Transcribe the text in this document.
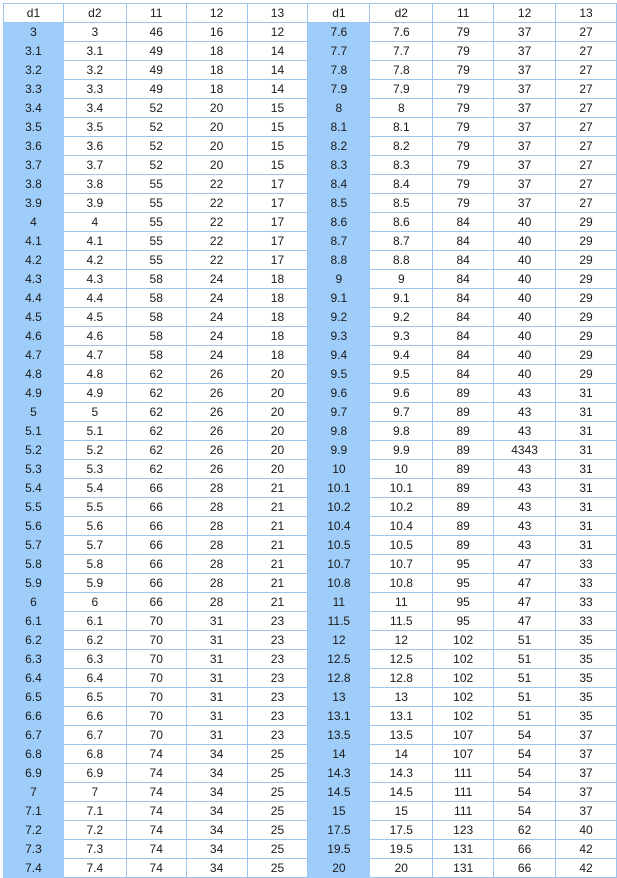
d1	d2	11	12	13	d1	d2	11	12	13
3	3	46	16	12	7.6	7.6	79	37	27
3.1	3.1	49	18	14	7.7	7.7	79	37	27
3.2	3.2	49	18	14	7.8	7.8	79	37	27
3.3	3.3	49	18	14	7.9	7.9	79	37	27
3.4	3.4	52	20	15	8	8	79	37	27
3.5	3.5	52	20	15	8.1	8.1	79	37	27
3.6	3.6	52	20	15	8.2	8.2	79	37	27
3.7	3.7	52	20	15	8.3	8.3	79	37	27
3.8	3.8	55	22	17	8.4	8.4	79	37	27
3.9	3.9	55	22	17	8.5	8.5	79	37	27
4	4	55	22	17	8.6	8.6	84	40	29
4.1	4.1	55	22	17	8.7	8.7	84	40	29
4.2	4.2	55	22	17	8.8	8.8	84	40	29
4.3	4.3	58	24	18	9	9	84	40	29
4.4	4.4	58	24	18	9.1	9.1	84	40	29
4.5	4.5	58	24	18	9.2	9.2	84	40	29
4.6	4.6	58	24	18	9.3	9.3	84	40	29
4.7	4.7	58	24	18	9.4	9.4	84	40	29
4.8	4.8	62	26	20	9.5	9.5	84	40	29
4.9	4.9	62	26	20	9.6	9.6	89	43	31
5	5	62	26	20	9.7	9.7	89	43	31
5.1	5.1	62	26	20	9.8	9.8	89	43	31
5.2	5.2	62	26	20	9.9	9.9	89	4343	31
5.3	5.3	62	26	20	10	10	89	43	31
5.4	5.4	66	28	21	10.1	10.1	89	43	31
5.5	5.5	66	28	21	10.2	10.2	89	43	31
5.6	5.6	66	28	21	10.4	10.4	89	43	31
5.7	5.7	66	28	21	10.5	10.5	89	43	31
5.8	5.8	66	28	21	10.7	10.7	95	47	33
5.9	5.9	66	28	21	10.8	10.8	95	47	33
6	6	66	28	21	11	11	95	47	33
6.1	6.1	70	31	23	11.5	11.5	95	47	33
6.2	6.2	70	31	23	12	12	102	51	35
6.3	6.3	70	31	23	12.5	12.5	102	51	35
6.4	6.4	70	31	23	12.8	12.8	102	51	35
6.5	6.5	70	31	23	13	13	102	51	35
6.6	6.6	70	31	23	13.1	13.1	102	51	35
6.7	6.7	70	31	23	13.5	13.5	107	54	37
6.8	6.8	74	34	25	14	14	107	54	37
6.9	6.9	74	34	25	14.3	14.3	111	54	37
7	7	74	34	25	14.5	14.5	111	54	37
7.1	7.1	74	34	25	15	15	111	54	37
7.2	7.2	74	34	25	17.5	17.5	123	62	40
7.3	7.3	74	34	25	19.5	19.5	131	66	42
7.4	7.4	74	34	25	20	20	131	66	42
